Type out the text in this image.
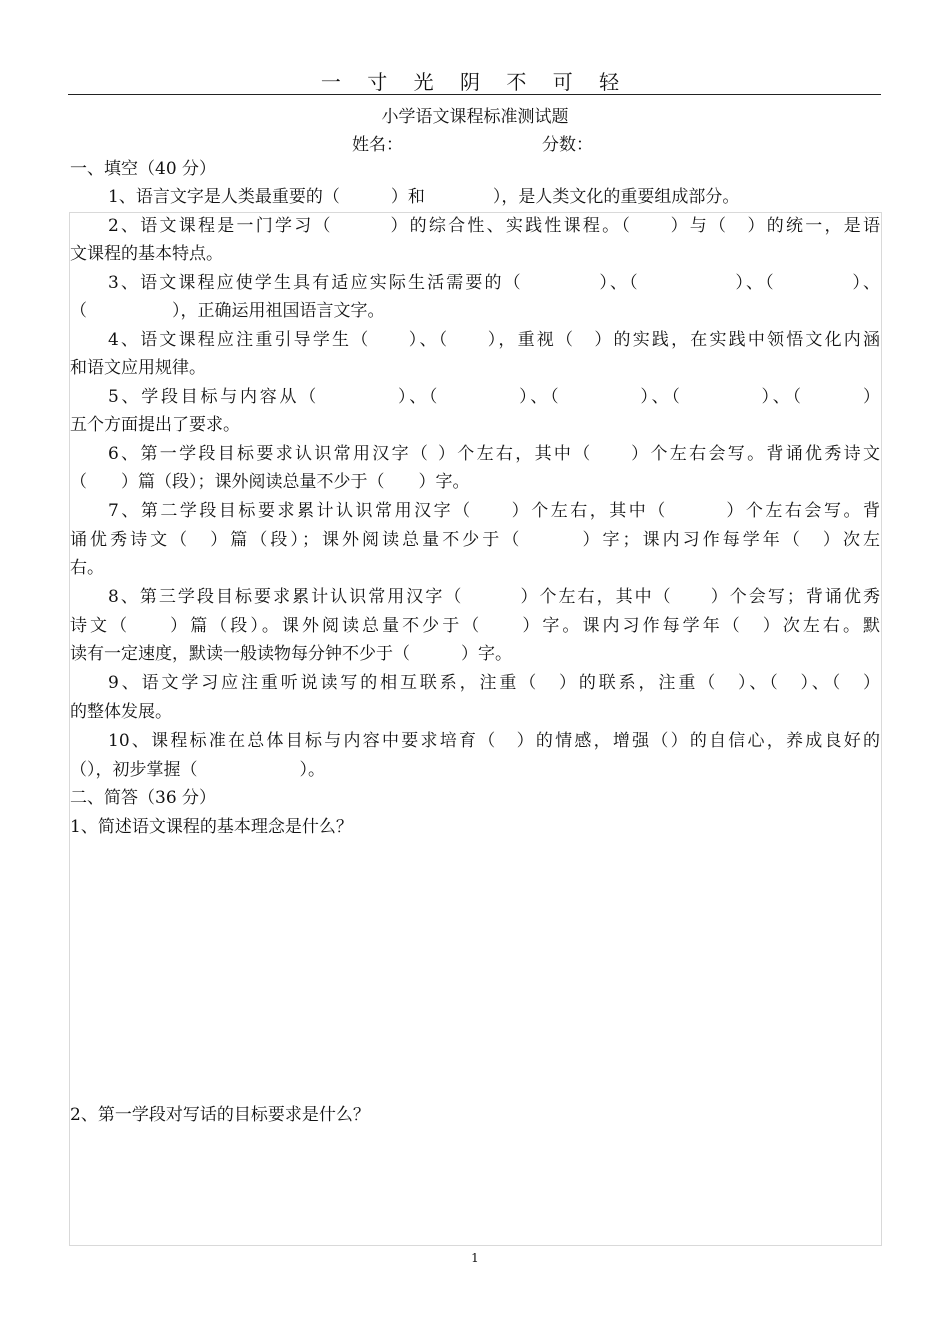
一 寸 光 阴 不 可 轻
小学语文课程标准测试题
姓名：	分数：
一、填空（40 分）
1、语言文字是人类最重要的（　　　）和　　　　），是人类文化的重要组成部分。
2、语文课程是一门学习（　　　）的综合性、实践性课程。（　　）与（　）的统一，是语
文课程的基本特点。
3、语文课程应使学生具有适应实际生活需要的（　　　　）、（　　　　　）、（　　　　）、
（　　　　　），正确运用祖国语言文字。
4、语文课程应注重引导学生（　　）、（　　），重视（　）的实践，在实践中领悟文化内涵
和语文应用规律。
5、学段目标与内容从（　　　　）、（　　　　）、（　　　　）、（　　　　）、（　　　）
五个方面提出了要求。
6、第一学段目标要求认识常用汉字（ ）个左右，其中（　　）个左右会写。背诵优秀诗文
（　　）篇（段）；课外阅读总量不少于（　　）字。
7、第二学段目标要求累计认识常用汉字（　　）个左右，其中（　　　）个左右会写。背
诵优秀诗文（　）篇（段）；课外阅读总量不少于（　　　）字；课内习作每学年（　）次左
右。
8、第三学段目标要求累计认识常用汉字（　　　）个左右，其中（　　）个会写；背诵优秀
诗文（　　）篇（段）。课外阅读总量不少于（　　）字。课内习作每学年（　）次左右。默
读有一定速度，默读一般读物每分钟不少于（　　　）字。
9、语文学习应注重听说读写的相互联系，注重（　）的联系，注重（　）、（　）、（　）
的整体发展。
10、课程标准在总体目标与内容中要求培育（　）的情感，增强（）的自信心，养成良好的
（），初步掌握（　　　　　　）。
二、简答（36 分）
1、简述语文课程的基本理念是什么？
2、第一学段对写话的目标要求是什么？
1
